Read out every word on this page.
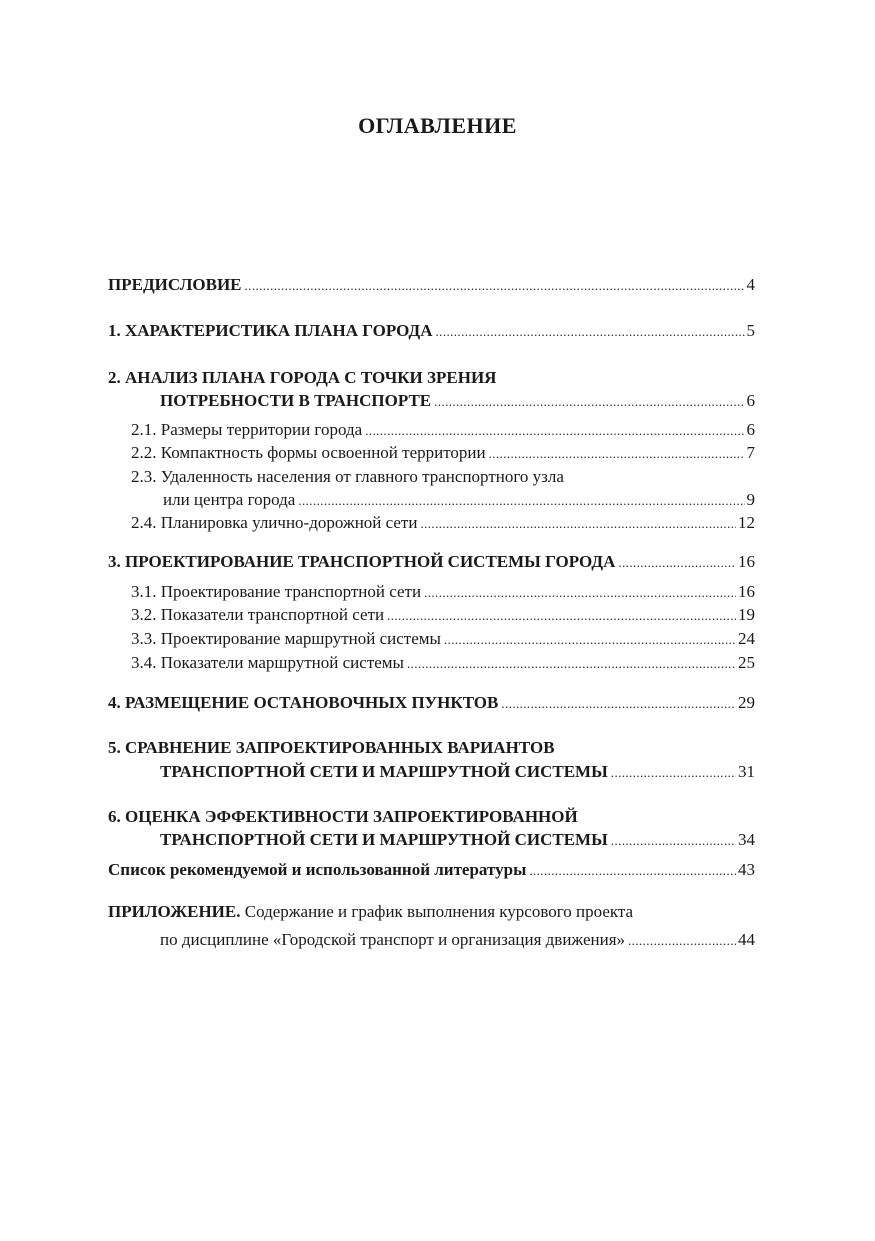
ОГЛАВЛЕНИЕ
ПРЕДИСЛОВИЕ .....	4
1. ХАРАКТЕРИСТИКА ПЛАНА ГОРОДА .....	5
2. АНАЛИЗ ПЛАНА ГОРОДА С ТОЧКИ ЗРЕНИЯ
ПОТРЕБНОСТИ В ТРАНСПОРТЕ .....	6
2.1. Размеры территории города .....	6
2.2. Компактность формы освоенной территории .....	7
2.3. Удаленность населения от главного транспортного узла
или центра города .....	9
2.4. Планировка улично-дорожной сети .....	12
3. ПРОЕКТИРОВАНИЕ ТРАНСПОРТНОЙ СИСТЕМЫ ГОРОДА .....	16
3.1. Проектирование транспортной сети .....	16
3.2. Показатели транспортной сети .....	19
3.3. Проектирование маршрутной системы .....	24
3.4. Показатели маршрутной системы .....	25
4. РАЗМЕЩЕНИЕ ОСТАНОВОЧНЫХ ПУНКТОВ .....	29
5. СРАВНЕНИЕ ЗАПРОЕКТИРОВАННЫХ ВАРИАНТОВ
ТРАНСПОРТНОЙ СЕТИ И МАРШРУТНОЙ СИСТЕМЫ .....	31
6. ОЦЕНКА ЭФФЕКТИВНОСТИ ЗАПРОЕКТИРОВАННОЙ
ТРАНСПОРТНОЙ СЕТИ И МАРШРУТНОЙ СИСТЕМЫ .....	34
Список рекомендуемой и использованной литературы .....	43
ПРИЛОЖЕНИЕ. Содержание и график выполнения курсового проекта
по дисциплине «Городской транспорт и организация движения» .....	44
